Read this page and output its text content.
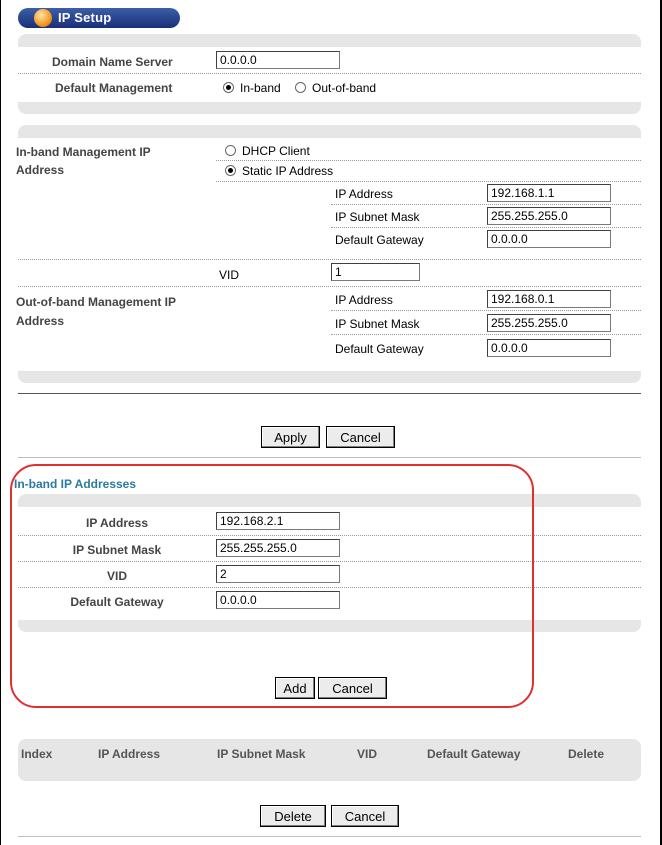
IP Setup
Domain Name Server
0.0.0.0
Default Management	In-band	Out-of-band
In-band Management IP
Address
DHCP Client
Static IP Address
IP Address
192.168.1.1
IP Subnet Mask
255.255.255.0
Default Gateway
0.0.0.0
VID
1
Out-of-band Management IP
Address
IP Address
192.168.0.1
IP Subnet Mask
255.255.255.0
Default Gateway
0.0.0.0
Apply	Cancel
In-band IP Addresses
IP Address
192.168.2.1
IP Subnet Mask
255.255.255.0
VID
2
Default Gateway
0.0.0.0
Add	Cancel
Index	IP Address	IP Subnet Mask	VID	Default Gateway	Delete
Delete	Cancel
